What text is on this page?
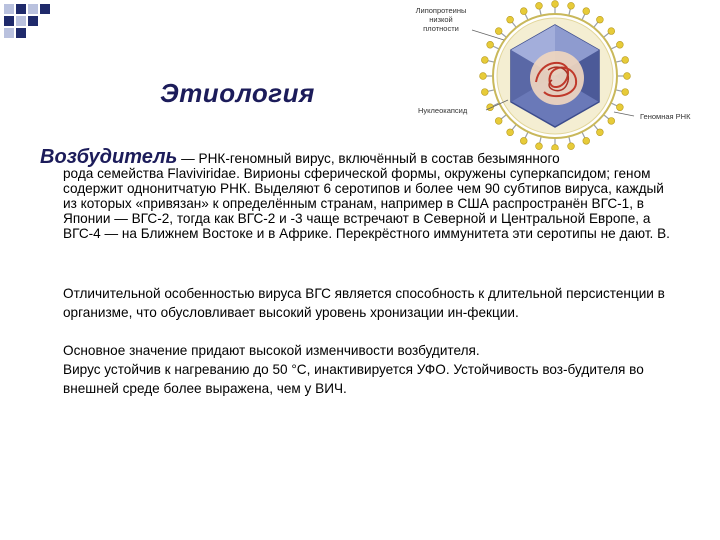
Этиология
Липопротеины
низкой
плотности
Нуклеокапсид
Геномная РНК
Возбудитель — РНК-геномный вирус, включённый в состав безымянного
рода семейства Flaviviridae. Вирионы сферической формы, окружены суперкапсидом; геном содержит однонитчатую РНК. Выделяют 6 серотипов и более чем 90 субтипов вируса, каждый из которых «привязан» к определённым странам, например в США распространён ВГС-1, в Японии — ВГС-2, тогда как ВГС-2 и -3 чаще встречают в Северной и Центральной Европе, а ВГС-4 — на Ближнем Востоке и в Африке. Перекрёстного иммунитета эти серотипы не дают. В.
Отличительной особенностью вируса ВГС является способность к длительной персистенции в организме, что обусловливает высокий уровень хронизации ин-фекции.
Основное значение придают высокой изменчивости возбудителя.
Вирус устойчив к нагреванию до 50 °С, инактивируется УФО. Устойчивость воз-будителя во внешней среде более выражена, чем у ВИЧ.
